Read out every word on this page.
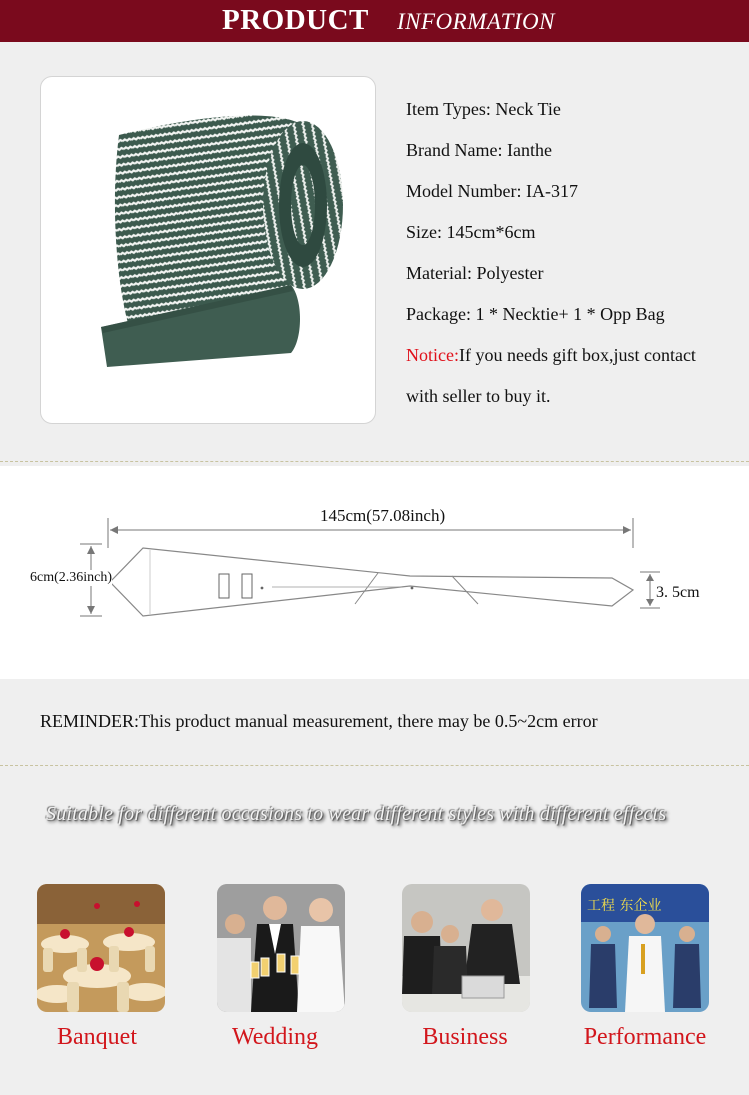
PRODUCT INFORMATION
Item Types: Neck Tie
Brand Name: Ianthe
Model Number: IA-317
Size: 145cm*6cm
Material: Polyester
Package: 1 * Necktie+ 1 * Opp Bag
Notice:If you needs gift box,just contact
with seller to buy it.
145cm(57.08inch)
6cm(2.36inch)
3. 5cm
REMINDER:This product manual measurement, there may be 0.5~2cm error
Suitable for different occasions to wear different styles with different effects
Banquet	Wedding	Business
工程 东企业
Performance
